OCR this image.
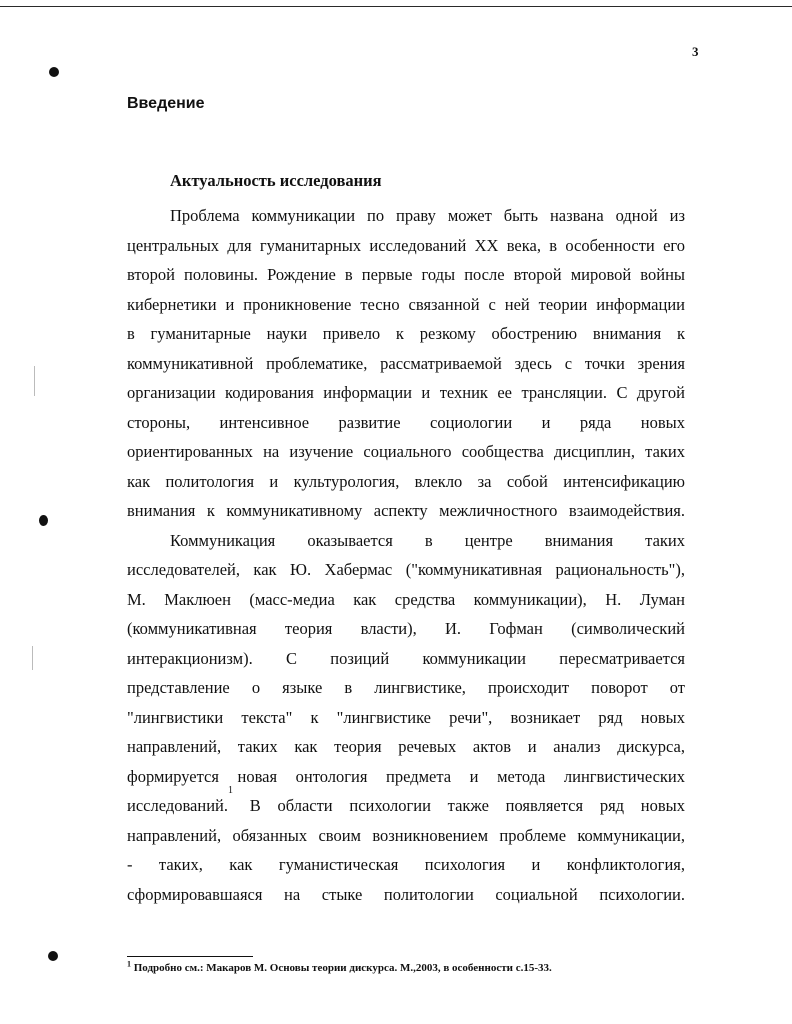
3
Введение
Актуальность исследования
Проблема коммуникации по праву может быть названа одной из
центральных для гуманитарных исследований XX века, в особенности его
второй половины. Рождение в первые годы после второй мировой войны
кибернетики и проникновение тесно связанной с ней теории информации
в гуманитарные науки привело к резкому обострению внимания к
коммуникативной проблематике, рассматриваемой здесь с точки зрения
организации кодирования информации и техник ее трансляции. С другой
стороны, интенсивное развитие социологии и ряда новых
ориентированных на изучение социального сообщества дисциплин, таких
как политология и культурология, влекло за собой интенсификацию
внимания к коммуникативному аспекту межличностного взаимодействия.
Коммуникация оказывается в центре внимания таких
исследователей, как Ю. Хабермас ("коммуникативная рациональность"),
М. Маклюен (масс-медиа как средства коммуникации), Н. Луман
(коммуникативная теория власти), И. Гофман (символический
интеракционизм). С позиций коммуникации пересматривается
представление о языке в лингвистике, происходит поворот от
"лингвистики текста" к "лингвистике речи", возникает ряд новых
направлений, таких как теория речевых актов и анализ дискурса,
формируется новая онтология предмета и метода лингвистических
исследований.
1
В области психологии также появляется ряд новых
направлений, обязанных своим возникновением проблеме коммуникации,
- таких, как гуманистическая психология и конфликтология,
сформировавшаяся на стыке политологии социальной психологии.
$^1$ Подробно см.: Макаров М. Основы теории дискурса. М.,2003, в особенности с.15-33.
